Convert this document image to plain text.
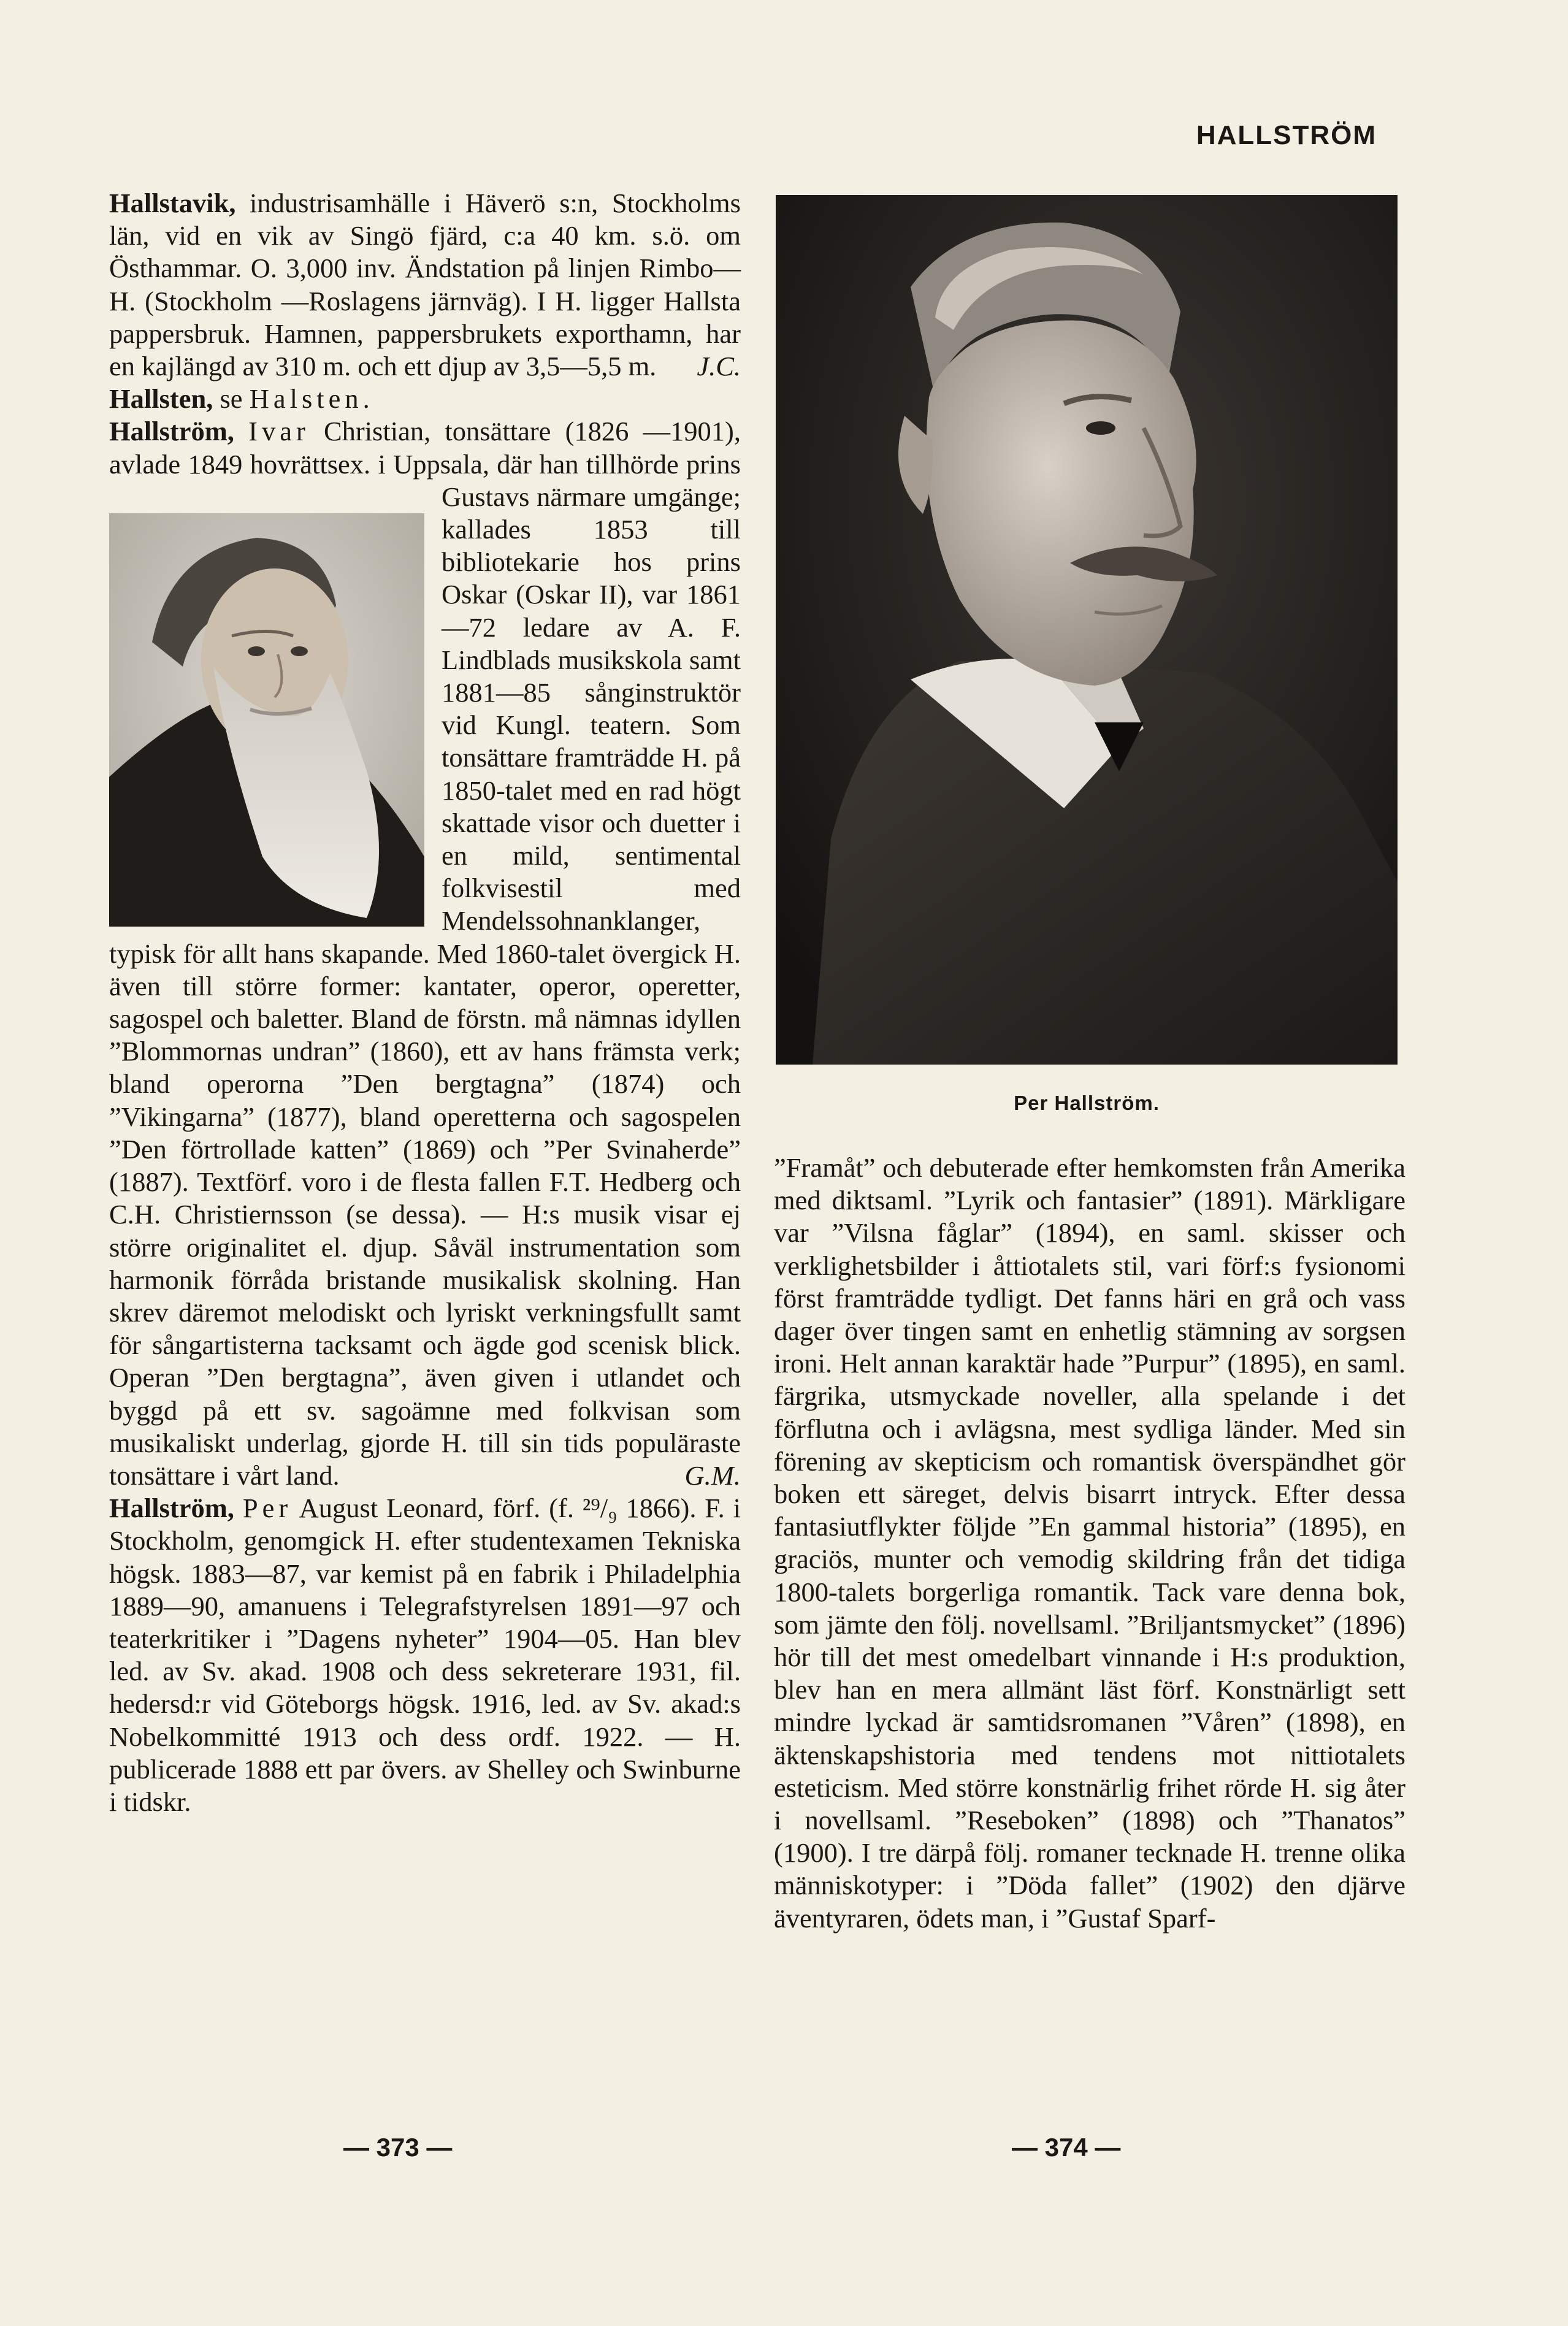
HALLSTRÖM

Hallstavik, industrisamhälle i Häverö s:n, Stockholms län, vid en vik av Singö fjärd, c:a 40 km. s.ö. om Östhammar. O. 3,000 inv. Ändstation på linjen Rimbo—H. (Stockholm —Roslagens järnväg). I H. ligger Hallsta pappersbruk. Hamnen, pappersbrukets exporthamn, har en kajlängd av 310 m. och ett djup av 3,5—5,5 m. J.C.

Hallsten, se Halsten.

Hallström, Ivar Christian, tonsättare (1826 —1901), avlade 1849 hovrättsex. i Uppsala, där
han tillhörde prins Gustavs närmare umgänge; kallades 1853 till bibliotekarie hos prins Oskar (Oskar II), var 1861—72 ledare av A. F. Lindblads musikskola samt 1881—85 sånginstruktör vid Kungl. teatern. Som tonsättare framträdde H. på 1850-talet med en rad högt skattade visor och duetter i en mild, sentimental folkvisestil med Mendelssohnanklanger, typisk för allt hans skapande. Med 1860-talet övergick H. även till större former: kantater, operor, operetter, sagospel och baletter. Bland de förstn. må nämnas idyllen ”Blommornas undran” (1860), ett av hans främsta verk; bland operorna ”Den bergtagna” (1874) och ”Vikingarna” (1877), bland operetterna och sagospelen ”Den förtrollade katten” (1869) och ”Per Svinaherde” (1887). Textförf. voro i de flesta fallen F.T. Hedberg och C.H. Christiernsson (se dessa). — H:s musik visar ej större originalitet el. djup. Såväl instrumentation som harmonik förråda bristande musikalisk skolning. Han skrev däremot melodiskt och lyriskt verkningsfullt samt för sångartisterna tacksamt och ägde god scenisk blick. Operan ”Den bergtagna”, även given i utlandet och byggd på ett sv. sagoämne med folkvisan som musikaliskt underlag, gjorde H. till sin tids populäraste tonsättare i vårt land.	G.M.

Hallström, Per August Leonard, förf. (f. ²⁹/₉ 1866). F. i Stockholm, genomgick H. efter studentexamen Tekniska högsk. 1883—87, var kemist på en fabrik i Philadelphia 1889—90, amanuens i Telegrafstyrelsen 1891—97 och teaterkritiker i ”Dagens nyheter” 1904—05. Han blev led. av Sv. akad. 1908 och dess sekreterare 1931, fil. hedersd:r vid Göteborgs högsk. 1916, led. av Sv. akad:s Nobelkommitté 1913 och dess ordf. 1922. — H. publicerade 1888 ett par övers. av Shelley och Swinburne i tidskr.

Per Hallström.

”Framåt” och debuterade efter hemkomsten från Amerika med diktsaml. ”Lyrik och fantasier” (1891). Märkligare var ”Vilsna fåglar” (1894), en saml. skisser och verklighetsbilder i åttiotalets stil, vari förf:s fysionomi först framträdde tydligt. Det fanns häri en grå och vass dager över tingen samt en enhetlig stämning av sorgsen ironi. Helt annan karaktär hade ”Purpur” (1895), en saml. färgrika, utsmyckade noveller, alla spelande i det förflutna och i avlägsna, mest sydliga länder. Med sin förening av skepticism och romantisk överspändhet gör boken ett säreget, delvis bisarrt intryck. Efter dessa fantasiutflykter följde ”En gammal historia” (1895), en graciös, munter och vemodig skildring från det tidiga 1800-talets borgerliga romantik. Tack vare denna bok, som jämte den följ. novellsaml. ”Briljantsmycket” (1896) hör till det mest omedelbart vinnande i H:s produktion, blev han en mera allmänt läst förf. Konstnärligt sett mindre lyckad är samtidsromanen ”Våren” (1898), en äktenskapshistoria med tendens mot nittiotalets esteticism. Med större konstnärlig frihet rörde H. sig åter i novellsaml. ”Reseboken” (1898) och ”Thanatos” (1900). I tre därpå följ. romaner tecknade H. trenne olika människotyper: i ”Döda fallet” (1902) den djärve äventyraren, ödets man, i ”Gustaf Sparf-

— 373 —	— 374 —
